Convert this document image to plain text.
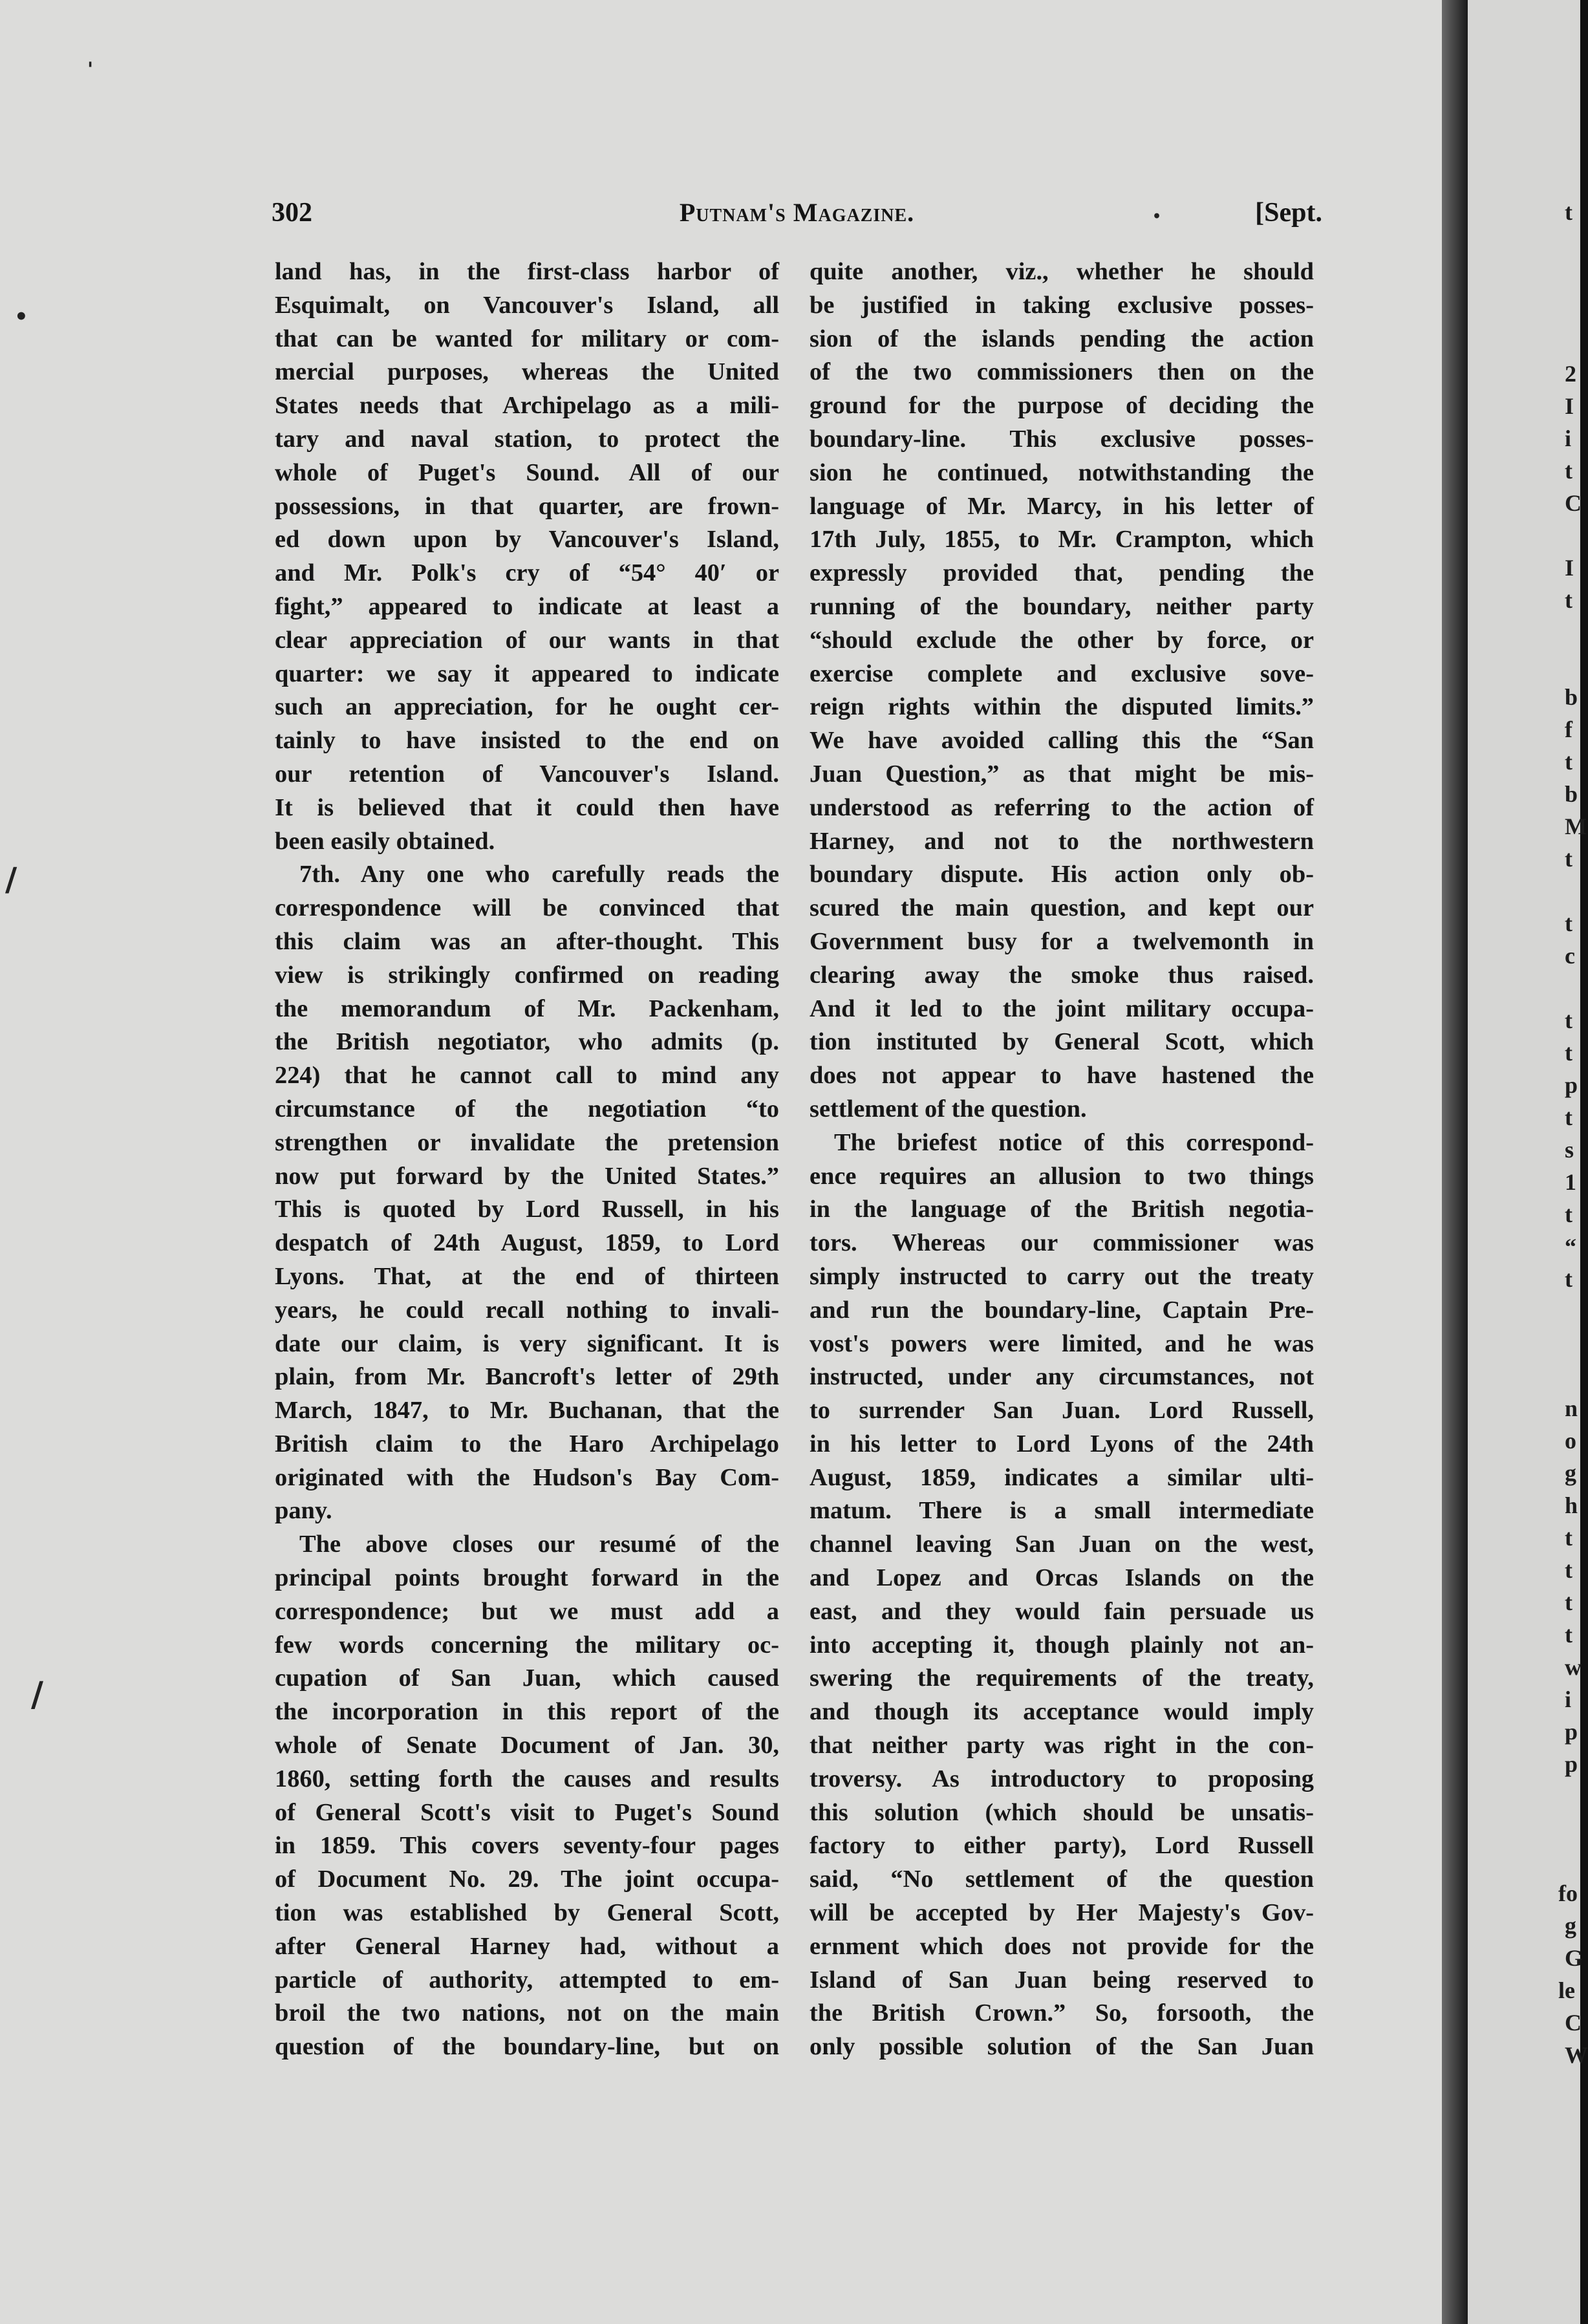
302	Putnam's Magazine.	[Sept.
land has, in the first-class harbor of
Esquimalt, on Vancouver's Island, all
that can be wanted for military or com-
mercial purposes, whereas the United
States needs that Archipelago as a mili-
tary and naval station, to protect the
whole of Puget's Sound. All of our
possessions, in that quarter, are frown-
ed down upon by Vancouver's Island,
and Mr. Polk's cry of “54° 40′ or
fight,” appeared to indicate at least a
clear appreciation of our wants in that
quarter: we say it appeared to indicate
such an appreciation, for he ought cer-
tainly to have insisted to the end on
our retention of Vancouver's Island.
It is believed that it could then have
been easily obtained.
7th. Any one who carefully reads the
correspondence will be convinced that
this claim was an after-thought. This
view is strikingly confirmed on reading
the memorandum of Mr. Packenham,
the British negotiator, who admits (p.
224) that he cannot call to mind any
circumstance of the negotiation “to
strengthen or invalidate the pretension
now put forward by the United States.”
This is quoted by Lord Russell, in his
despatch of 24th August, 1859, to Lord
Lyons. That, at the end of thirteen
years, he could recall nothing to invali-
date our claim, is very significant. It is
plain, from Mr. Bancroft's letter of 29th
March, 1847, to Mr. Buchanan, that the
British claim to the Haro Archipelago
originated with the Hudson's Bay Com-
pany.
The above closes our resumé of the
principal points brought forward in the
correspondence; but we must add a
few words concerning the military oc-
cupation of San Juan, which caused
the incorporation in this report of the
whole of Senate Document of Jan. 30,
1860, setting forth the causes and results
of General Scott's visit to Puget's Sound
in 1859. This covers seventy-four pages
of Document No. 29. The joint occupa-
tion was established by General Scott,
after General Harney had, without a
particle of authority, attempted to em-
broil the two nations, not on the main
question of the boundary-line, but on
quite another, viz., whether he should
be justified in taking exclusive posses-
sion of the islands pending the action
of the two commissioners then on the
ground for the purpose of deciding the
boundary-line. This exclusive posses-
sion he continued, notwithstanding the
language of Mr. Marcy, in his letter of
17th July, 1855, to Mr. Crampton, which
expressly provided that, pending the
running of the boundary, neither party
“should exclude the other by force, or
exercise complete and exclusive sove-
reign rights within the disputed limits.”
We have avoided calling this the “San
Juan Question,” as that might be mis-
understood as referring to the action of
Harney, and not to the northwestern
boundary dispute. His action only ob-
scured the main question, and kept our
Government busy for a twelvemonth in
clearing away the smoke thus raised.
And it led to the joint military occupa-
tion instituted by General Scott, which
does not appear to have hastened the
settlement of the question.
The briefest notice of this correspond-
ence requires an allusion to two things
in the language of the British negotia-
tors. Whereas our commissioner was
simply instructed to carry out the treaty
and run the boundary-line, Captain Pre-
vost's powers were limited, and he was
instructed, under any circumstances, not
to surrender San Juan. Lord Russell,
in his letter to Lord Lyons of the 24th
August, 1859, indicates a similar ulti-
matum. There is a small intermediate
channel leaving San Juan on the west,
and Lopez and Orcas Islands on the
east, and they would fain persuade us
into accepting it, though plainly not an-
swering the requirements of the treaty,
and though its acceptance would imply
that neither party was right in the con-
troversy. As introductory to proposing
this solution (which should be unsatis-
factory to either party), Lord Russell
said, “No settlement of the question
will be accepted by Her Majesty's Gov-
ernment which does not provide for the
Island of San Juan being reserved to
the British Crown.” So, forsooth, the
only possible solution of the San Juan
'
•
/
/
•	t
2
I
i
t
C
I
t
b
f
t
b
M
t
t
c
t
t
p
t
s
1
t
“
t
n
o
g
h
t
t
t
t
w
i
p
p
fo
g
G
le
C
W
